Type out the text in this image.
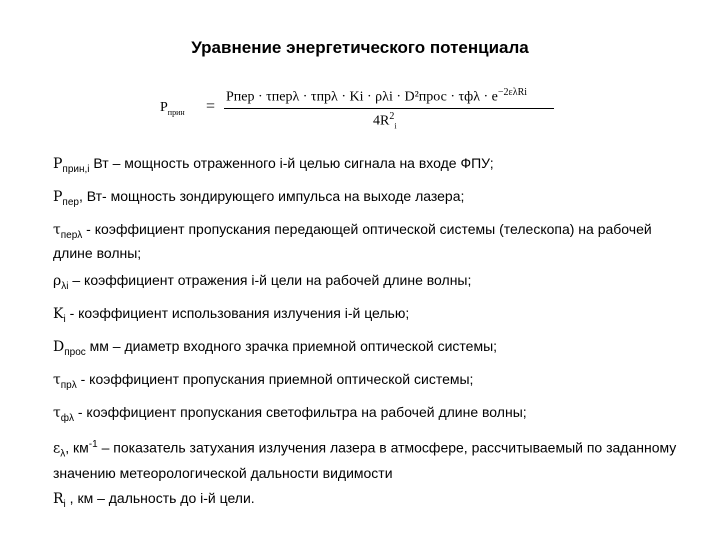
Уравнение энергетического потенциала
$P_{прин}$ =
Pпер · τперλ · τпрλ · Ki · ρλi · D²прос · $\tau ф\lambda \cdot e^{-2\varepsilon\lambda Ri}$
$4R^2_i$

$P_{прин,i}$ Вт – мощность отраженного i-й целью сигнала на входе ФПУ;

$P_{пер}$, Вт- мощность зондирующего импульса на выходе лазера;

$\tau_{пер\lambda}$ - коэффициент пропускания передающей оптической системы (телескопа) на рабочей длине волны;

$\rho_{\lambda i}$ – коэффициент отражения i-й цели на рабочей длине волны;

$K_i$ - коэффициент использования излучения i-й целью;

$D_{прос}$ мм – диаметр входного зрачка приемной оптической системы;

$\tau_{пр\lambda}$ - коэффициент пропускания приемной оптической системы;

$\tau_{ф\lambda}$ - коэффициент пропускания светофильтра на рабочей длине волны;

$\varepsilon_\lambda$, $км^{-1}$ – показатель затухания излучения лазера в атмосфере, рассчитываемый по заданному значению метеорологической дальности видимости

$R_i$ , км – дальность до i-й цели.
